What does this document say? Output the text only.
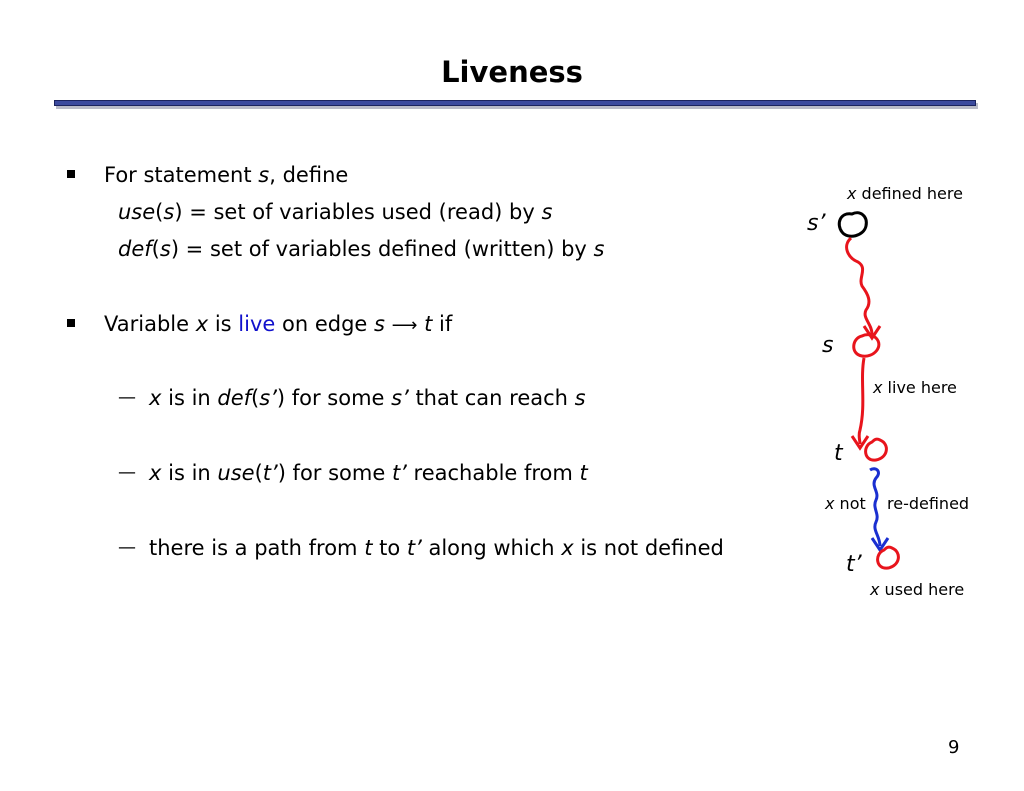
Liveness
For statement s, define
use(s) = set of variables used (read) by s
def(s) = set of variables defined (written) by s
Variable x is live on edge s ⟶ t if
— x is in def(s’) for some s’ that can reach s
— x is in use(t’) for some t’ reachable from t
— there is a path from t to t’ along which x is not defined
x defined here
s’
s
x live here
t
x not re-defined
t’
x used here
9
